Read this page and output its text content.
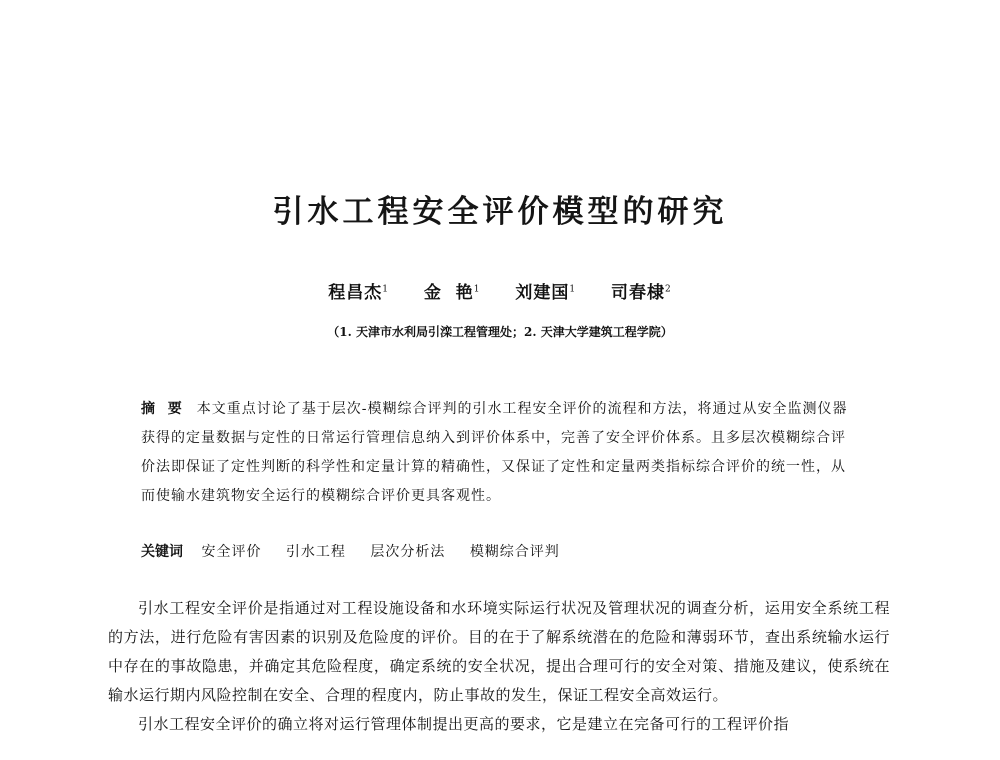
引水工程安全评价模型的研究
程昌杰$^1$ 金  艳$^1$ 刘建国$^1$ 司春棣$^2$
（1. 天津市水利局引滦工程管理处；2. 天津大学建筑工程学院）

摘  要 本文重点讨论了基于层次-模糊综合评判的引水工程安全评价的流程和方法，将通过从安全监测仪器获得的定量数据与定性的日常运行管理信息纳入到评价体系中，完善了安全评价体系。且多层次模糊综合评价法即保证了定性判断的科学性和定量计算的精确性，又保证了定性和定量两类指标综合评价的统一性，从而使输水建筑物安全运行的模糊综合评价更具客观性。

关键词 安全评价 引水工程 层次分析法 模糊综合评判

引水工程安全评价是指通过对工程设施设备和水环境实际运行状况及管理状况的调查分析，运用安全系统工程的方法，进行危险有害因素的识别及危险度的评价。目的在于了解系统潜在的危险和薄弱环节，查出系统输水运行中存在的事故隐患，并确定其危险程度，确定系统的安全状况，提出合理可行的安全对策、措施及建议，使系统在输水运行期内风险控制在安全、合理的程度内，防止事故的发生，保证工程安全高效运行。

引水工程安全评价的确立将对运行管理体制提出更高的要求，它是建立在完备可行的工程评价指
